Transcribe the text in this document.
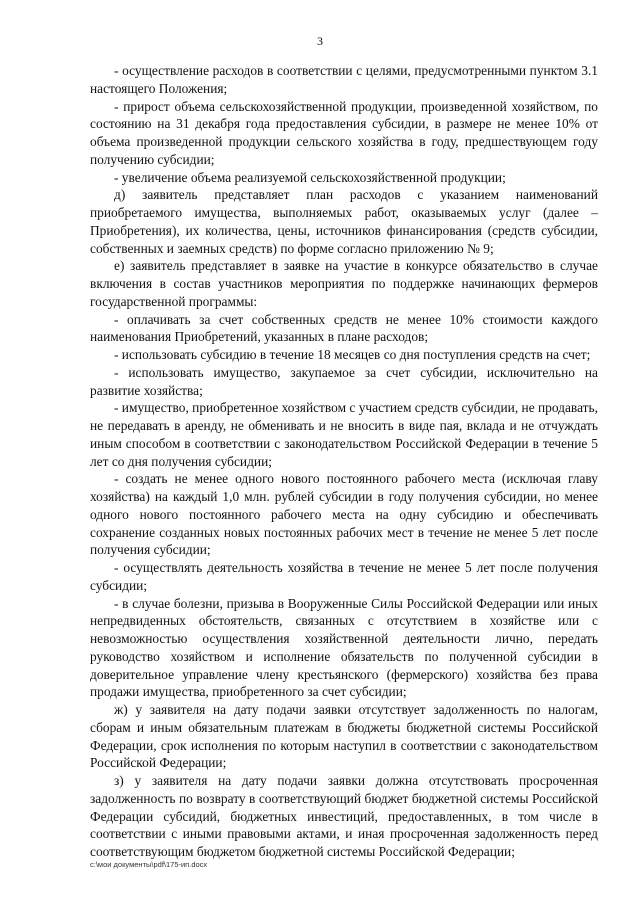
3

- осуществление расходов в соответствии с целями, предусмотренными пунктом 3.1 настоящего Положения;

- прирост объема сельскохозяйственной продукции, произведенной хозяйством, по состоянию на 31 декабря года предоставления субсидии, в размере не менее 10% от объема произведенной продукции сельского хозяйства в году, предшествующем году получению субсидии;

- увеличение объема реализуемой сельскохозяйственной продукции;

д) заявитель представляет план расходов с указанием наименований приобретаемого имущества, выполняемых работ, оказываемых услуг (далее – Приобретения), их количества, цены, источников финансирования (средств субсидии, собственных и заемных средств) по форме согласно приложению № 9;

е) заявитель представляет в заявке на участие в конкурсе обязательство в случае включения в состав участников мероприятия по поддержке начинающих фермеров государственной программы:

- оплачивать за счет собственных средств не менее 10% стоимости каждого наименования Приобретений, указанных в плане расходов;

- использовать субсидию в течение 18 месяцев со дня поступления средств на счет;

- использовать имущество, закупаемое за счет субсидии, исключительно на развитие хозяйства;

- имущество, приобретенное хозяйством с участием средств субсидии, не продавать, не передавать в аренду, не обменивать и не вносить в виде пая, вклада и не отчуждать иным способом в соответствии с законодательством Российской Федерации в течение 5 лет со дня получения субсидии;

- создать не менее одного нового постоянного рабочего места (исключая главу хозяйства) на каждый 1,0 млн. рублей субсидии в году получения субсидии, но менее одного нового постоянного рабочего места на одну субсидию и обеспечивать сохранение созданных новых постоянных рабочих мест в течение не менее 5 лет после получения субсидии;

- осуществлять деятельность хозяйства в течение не менее 5 лет после получения субсидии;

- в случае болезни, призыва в Вооруженные Силы Российской Федерации или иных непредвиденных обстоятельств, связанных с отсутствием в хозяйстве или с невозможностью осуществления хозяйственной деятельности лично, передать руководство хозяйством и исполнение обязательств по полученной субсидии в доверительное управление члену крестьянского (фермерского) хозяйства без права продажи имущества, приобретенного за счет субсидии;

ж) у заявителя на дату подачи заявки отсутствует задолженность по налогам, сборам и иным обязательным платежам в бюджеты бюджетной системы Российской Федерации, срок исполнения по которым наступил в соответствии с законодательством Российской Федерации;

з) у заявителя на дату подачи заявки должна отсутствовать просроченная задолженность по возврату в соответствующий бюджет бюджетной системы Российской Федерации субсидий, бюджетных инвестиций, предоставленных, в том числе в соответствии с иными правовыми актами, и иная просроченная задолженность перед соответствующим бюджетом бюджетной системы Российской Федерации;

c:\мои документы\pdf\175-ип.docx
